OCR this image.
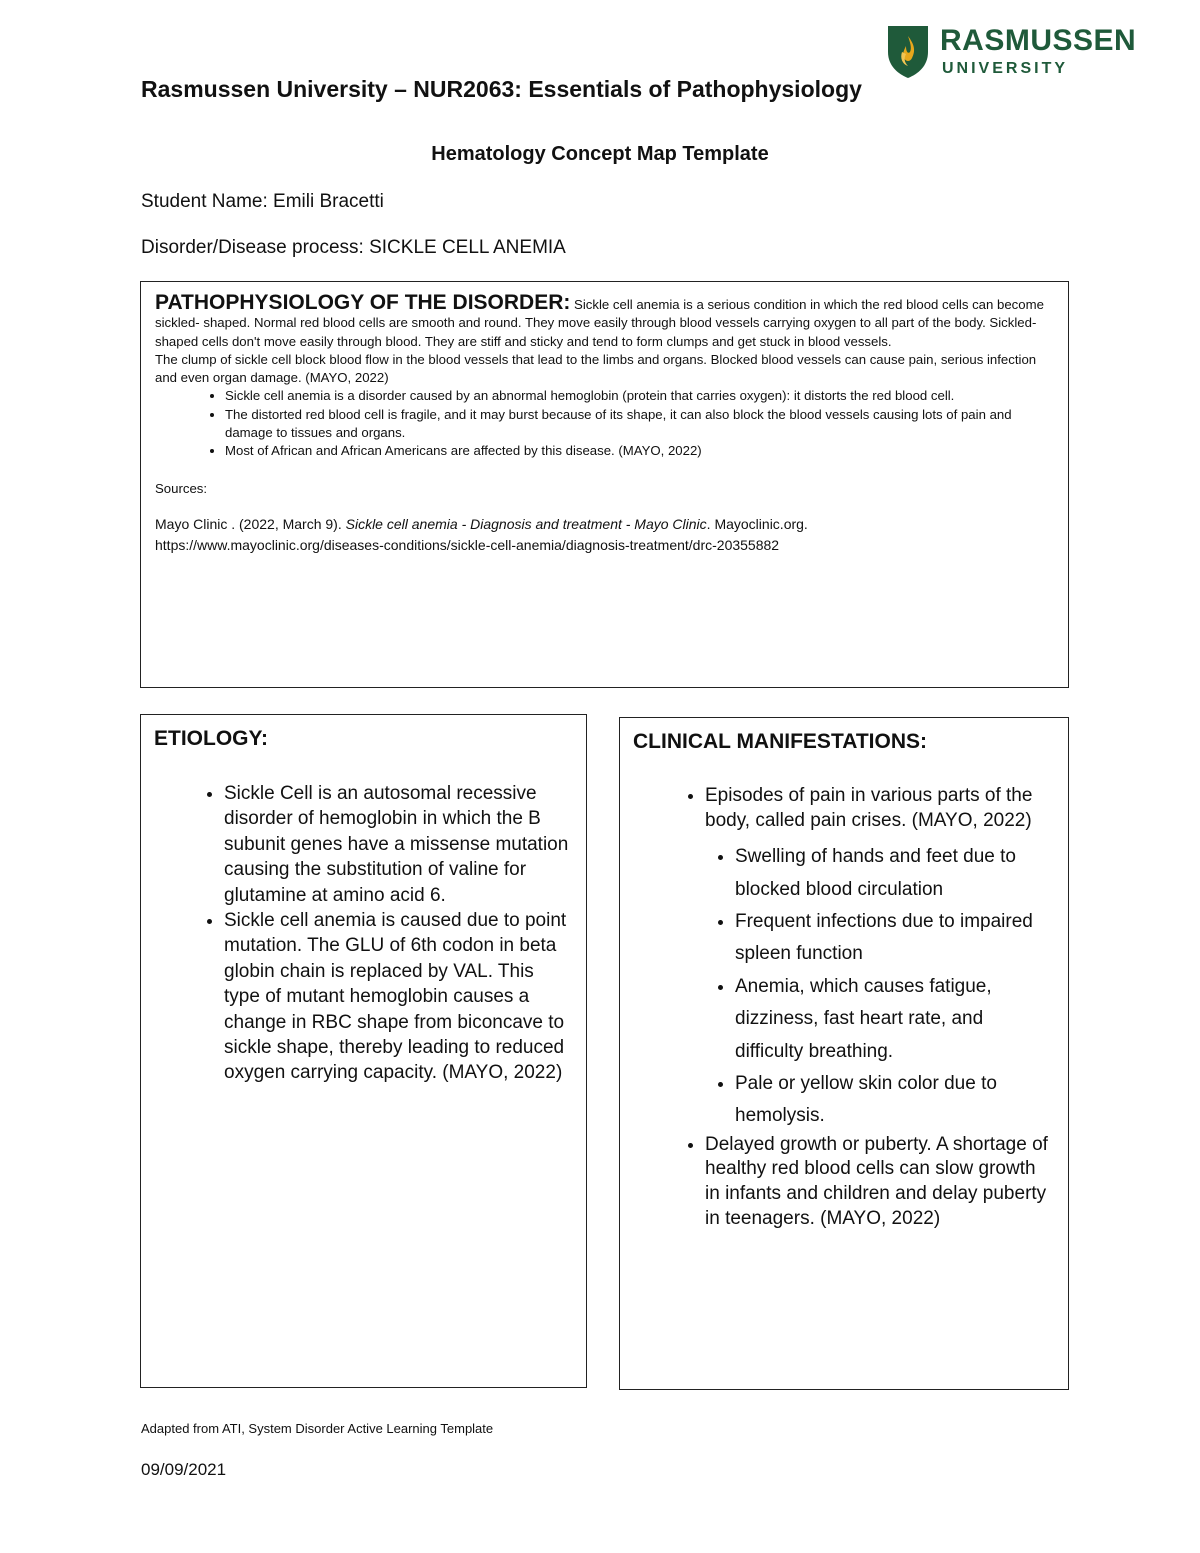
RASMUSSEN
UNIVERSITY
Rasmussen University – NUR2063: Essentials of Pathophysiology
Hematology Concept Map Template
Student Name: Emili Bracetti
Disorder/Disease process: SICKLE CELL ANEMIA
PATHOPHYSIOLOGY OF THE DISORDER: Sickle cell anemia is a serious condition in which the red blood cells can become sickled- shaped. Normal red blood cells are smooth and round. They move easily through blood vessels carrying oxygen to all part of the body. Sickled- shaped cells don't move easily through blood. They are stiff and sticky and tend to form clumps and get stuck in blood vessels.
The clump of sickle cell block blood flow in the blood vessels that lead to the limbs and organs. Blocked blood vessels can cause pain, serious infection and even organ damage. (MAYO, 2022)
• Sickle cell anemia is a disorder caused by an abnormal hemoglobin (protein that carries oxygen): it distorts the red blood cell.
• The distorted red blood cell is fragile, and it may burst because of its shape, it can also block the blood vessels causing lots of pain and damage to tissues and organs.
• Most of African and African Americans are affected by this disease. (MAYO, 2022)
Sources:
Mayo Clinic . (2022, March 9). Sickle cell anemia - Diagnosis and treatment - Mayo Clinic. Mayoclinic.org.
https://www.mayoclinic.org/diseases-conditions/sickle-cell-anemia/diagnosis-treatment/drc-20355882
ETIOLOGY:
• Sickle Cell is an autosomal recessive disorder of hemoglobin in which the B subunit genes have a missense mutation causing the substitution of valine for glutamine at amino acid 6.
• Sickle cell anemia is caused due to point mutation. The GLU of 6th codon in beta globin chain is replaced by VAL. This type of mutant hemoglobin causes a change in RBC shape from biconcave to sickle shape, thereby leading to reduced oxygen carrying capacity. (MAYO, 2022)
CLINICAL MANIFESTATIONS:
• Episodes of pain in various parts of the body, called pain crises. (MAYO, 2022)
• Swelling of hands and feet due to blocked blood circulation
• Frequent infections due to impaired spleen function
• Anemia, which causes fatigue, dizziness, fast heart rate, and difficulty breathing.
• Pale or yellow skin color due to hemolysis.
• Delayed growth or puberty. A shortage of healthy red blood cells can slow growth in infants and children and delay puberty in teenagers. (MAYO, 2022)
Adapted from ATI, System Disorder Active Learning Template
09/09/2021
